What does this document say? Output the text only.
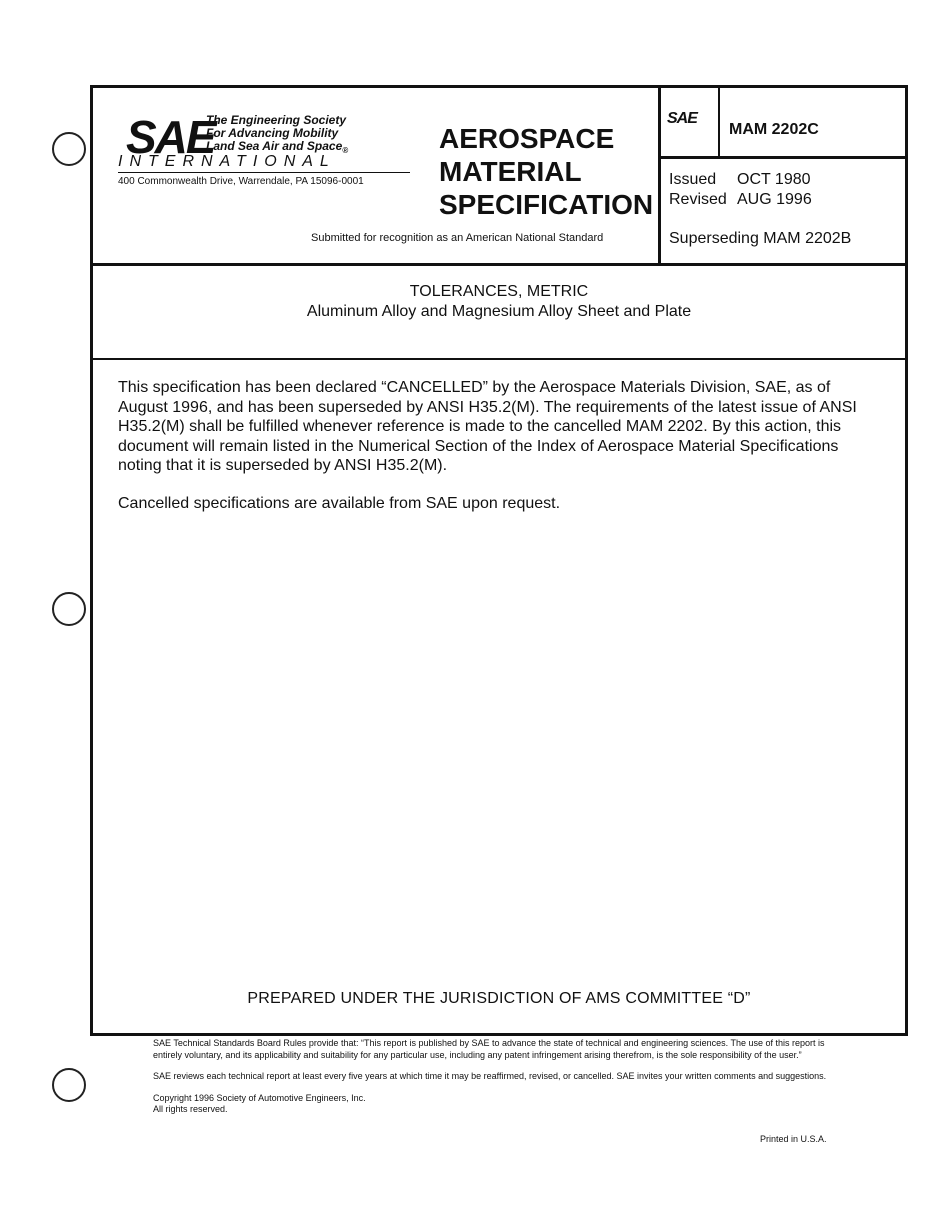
SAE
The Engineering Society
For Advancing Mobility
Land Sea Air and Space$_®$
INTERNATIONAL
400 Commonwealth Drive, Warrendale, PA 15096-0001
AEROSPACE
MATERIAL
SPECIFICATION
Submitted for recognition as an American National Standard
SAE
MAM 2202C
Issued OCT 1980
Revised AUG 1996
Superseding MAM 2202B
TOLERANCES, METRIC
Aluminum Alloy and Magnesium Alloy Sheet and Plate

This specification has been declared “CANCELLED” by the Aerospace Materials Division, SAE, as of August 1996, and has been superseded by ANSI H35.2(M). The requirements of the latest issue of ANSI H35.2(M) shall be fulfilled whenever reference is made to the cancelled MAM 2202. By this action, this document will remain listed in the Numerical Section of the Index of Aerospace Material Specifications noting that it is superseded by ANSI H35.2(M).

Cancelled specifications are available from SAE upon request.

PREPARED UNDER THE JURISDICTION OF AMS COMMITTEE “D”

SAE Technical Standards Board Rules provide that: “This report is published by SAE to advance the state of technical and engineering sciences. The use of this report is entirely voluntary, and its applicability and suitability for any particular use, including any patent infringement arising therefrom, is the sole responsibility of the user.”

SAE reviews each technical report at least every five years at which time it may be reaffirmed, revised, or cancelled. SAE invites your written comments and suggestions.

Copyright 1996 Society of Automotive Engineers, Inc.
All rights reserved.
Printed in U.S.A.
